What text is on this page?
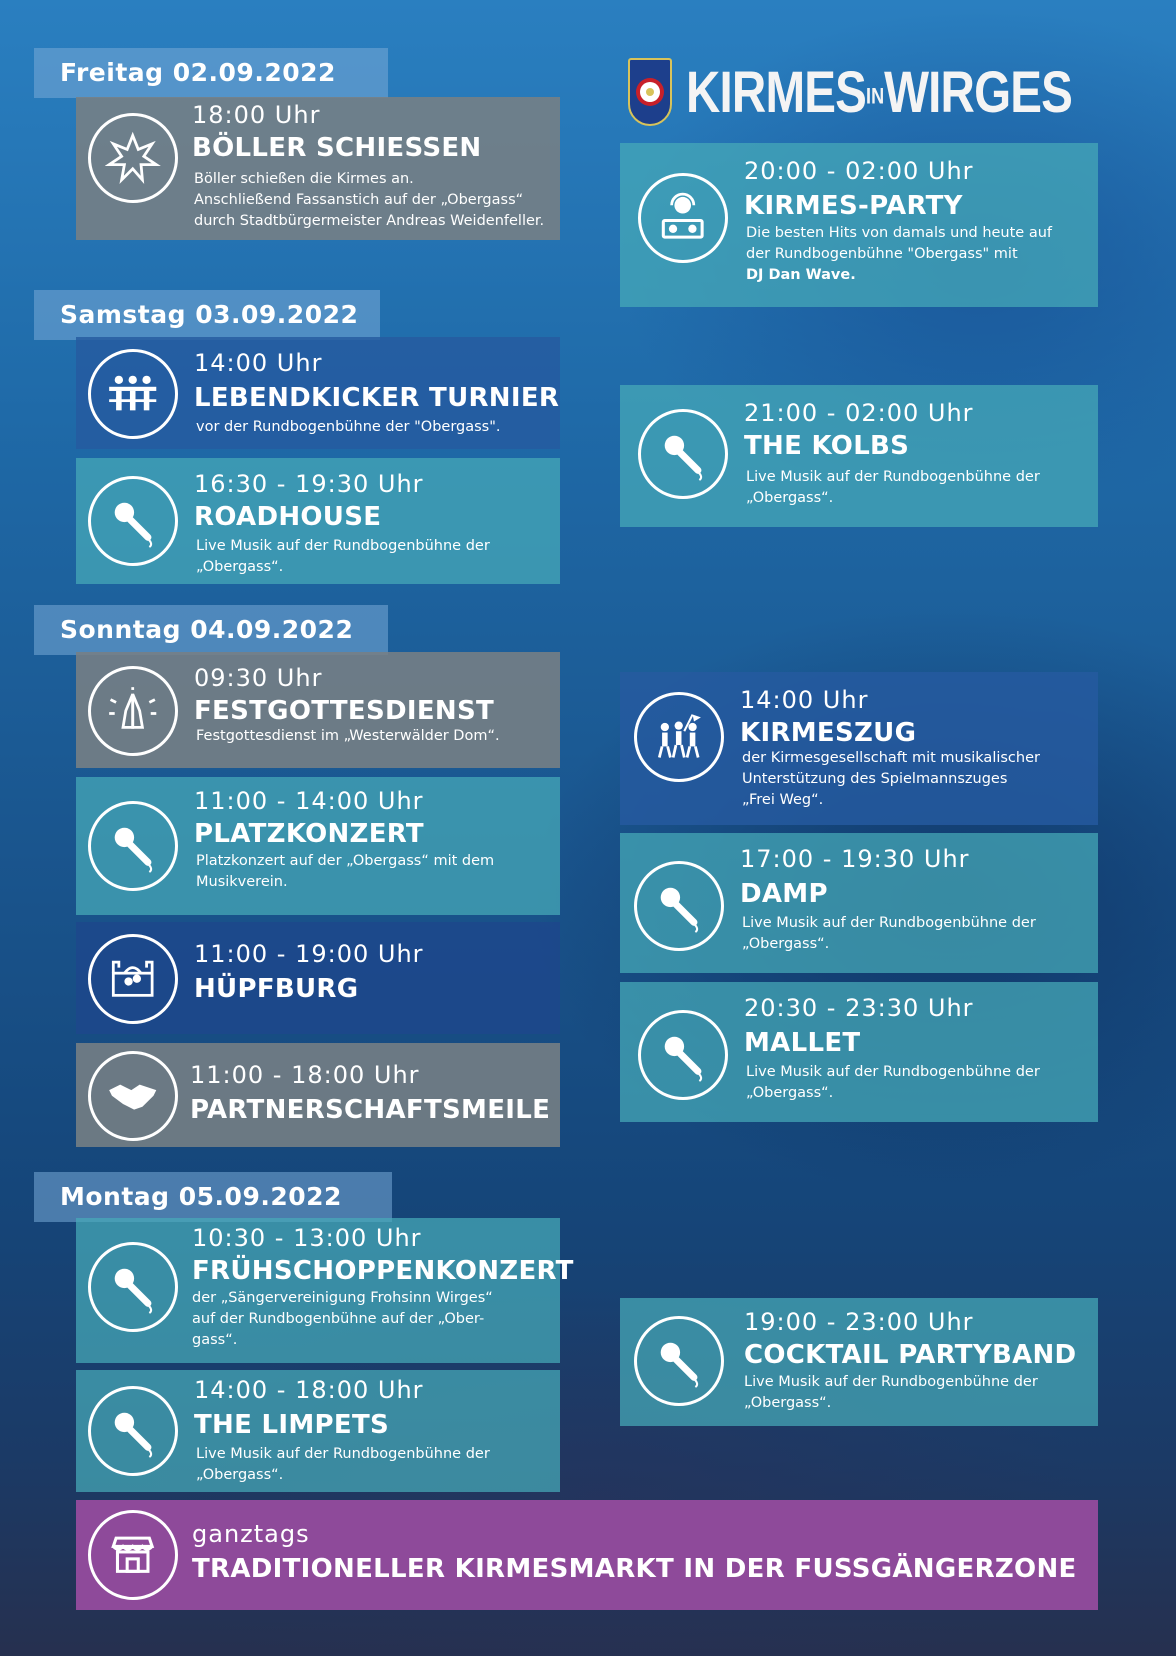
KIRMESINWIRGES
Freitag 02.09.2022
Samstag 03.09.2022
Sonntag 04.09.2022
Montag 05.09.2022
18:00 Uhr
BÖLLER SCHIESSEN
Böller schießen die Kirmes an.
Anschließend Fassanstich auf der „Obergass“
durch Stadtbürgermeister Andreas Weidenfeller.
20:00 - 02:00 Uhr
KIRMES-PARTY
Die besten Hits von damals und heute auf
der Rundbogenbühne "Obergass" mit
DJ Dan Wave.
14:00 Uhr
LEBENDKICKER TURNIER
vor der Rundbogenbühne der "Obergass".	21:00 - 02:00 Uhr
THE KOLBS
Live Musik auf der Rundbogenbühne der
„Obergass“.
16:30 - 19:30 Uhr
ROADHOUSE
Live Musik auf der Rundbogenbühne der
„Obergass“.
09:30 Uhr
FESTGOTTESDIENST
Festgottesdienst im „Westerwälder Dom“.
14:00 Uhr
KIRMESZUG
der Kirmesgesellschaft mit musikalischer
Unterstützung des Spielmannszuges
„Frei Weg“.
11:00 - 14:00 Uhr
PLATZKONZERT
Platzkonzert auf der „Obergass“ mit dem
Musikverein.
17:00 - 19:30 Uhr
DAMP
Live Musik auf der Rundbogenbühne der
„Obergass“.
11:00 - 19:00 Uhr
HÜPFBURG
20:30 - 23:30 Uhr
MALLET
Live Musik auf der Rundbogenbühne der
„Obergass“.
11:00 - 18:00 Uhr
PARTNERSCHAFTSMEILE
10:30 - 13:00 Uhr
FRÜHSCHOPPENKONZERT
der „Sängervereinigung Frohsinn Wirges“
auf der Rundbogenbühne auf der „Ober-
gass“.
19:00 - 23:00 Uhr
COCKTAIL PARTYBAND
Live Musik auf der Rundbogenbühne der
„Obergass“.
14:00 - 18:00 Uhr
THE LIMPETS
Live Musik auf der Rundbogenbühne der
„Obergass“.
ganztags
TRADITIONELLER KIRMESMARKT IN DER FUSSGÄNGERZONE
